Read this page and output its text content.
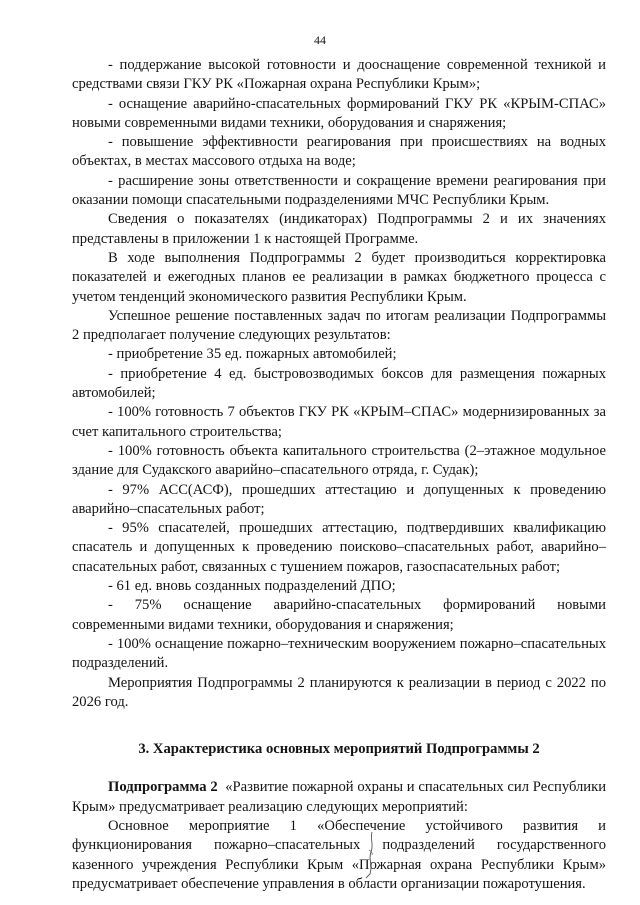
44

- поддержание высокой готовности и дооснащение современной техникой и средствами связи ГКУ РК «Пожарная охрана Республики Крым»;

- оснащение аварийно-спасательных формирований ГКУ РК «КРЫМ-СПАС» новыми современными видами техники, оборудования и снаряжения;

- повышение эффективности реагирования при происшествиях на водных объектах, в местах массового отдыха на воде;

- расширение зоны ответственности и сокращение времени реагирования при оказании помощи спасательными подразделениями МЧС Республики Крым.

Сведения о показателях (индикаторах) Подпрограммы 2 и их значениях представлены в приложении 1 к настоящей Программе.

В ходе выполнения Подпрограммы 2 будет производиться корректировка показателей и ежегодных планов ее реализации в рамках бюджетного процесса с учетом тенденций экономического развития Республики Крым.

Успешное решение поставленных задач по итогам реализации Подпрограммы 2 предполагает получение следующих результатов:

- приобретение 35 ед. пожарных автомобилей;

- приобретение 4 ед. быстровозводимых боксов для размещения пожарных автомобилей;

- 100% готовность 7 объектов ГКУ РК «КРЫМ–СПАС» модернизированных за счет капитального строительства;

- 100% готовность объекта капитального строительства (2–этажное модульное здание для Судакского аварийно–спасательного отряда, г. Судак);

- 97% АСС(АСФ), прошедших аттестацию и допущенных к проведению аварийно–спасательных работ;

- 95% спасателей, прошедших аттестацию, подтвердивших квалификацию спасатель и допущенных к проведению поисково–спасательных работ, аварийно–спасательных работ, связанных с тушением пожаров, газоспасательных работ;

- 61 ед. вновь созданных подразделений ДПО;

- 75% оснащение аварийно-спасательных формирований новыми современными видами техники, оборудования и снаряжения;

- 100% оснащение пожарно–техническим вооружением пожарно–спасательных подразделений.

Мероприятия Подпрограммы 2 планируются к реализации в период с 2022 по 2026 год.

3. Характеристика основных мероприятий Подпрограммы 2

Подпрограмма 2 «Развитие пожарной охраны и спасательных сил Республики Крым» предусматривает реализацию следующих мероприятий:

Основное мероприятие 1 «Обеспечение устойчивого развития и функционирования пожарно–спасательных подразделений государственного казенного учреждения Республики Крым «Пожарная охрана Республики Крым» предусматривает обеспечение управления в области организации пожаротушения.
